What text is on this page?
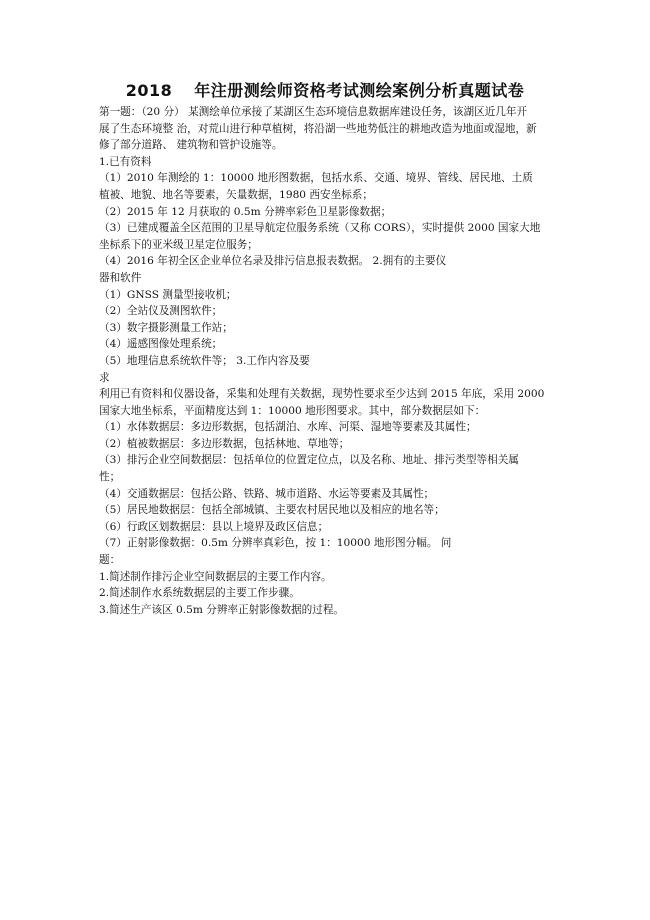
2018 年注册测绘师资格考试测绘案例分析真题试卷
第一题：（20 分） 某测绘单位承接了某湖区生态环境信息数据库建设任务，该湖区近几年开
展了生态环境整 治，对荒山进行种草植树，将沿湖一些地势低注的耕地改造为地面或湿地，新
修了部分道路、 建筑物和管护设施等。
1.已有资料
（1）2010 年测绘的 1：10000 地形图数据，包括水系、交通、境界、管线、居民地、土质
植被、地貌、地名等要素，矢量数据，1980 西安坐标系；
（2）2015 年 12 月获取的 0.5m 分辨率彩色卫星影像数据；
（3）已建成覆盖全区范围的卫星导航定位服务系统（又称 CORS），实时提供 2000 国家大地
坐标系下的亚米级卫星定位服务；
（4）2016 年初全区企业单位名录及排污信息报表数据。 2.拥有的主要仪
器和软件
（1）GNSS 测量型接收机；
（2）全站仪及测图软件；
（3）数字摄影测量工作站；
（4）遥感图像处理系统；
（5）地理信息系统软件等； 3.工作内容及要
求
利用已有资料和仪器设备，采集和处理有关数据，现势性要求至少达到 2015 年底，采用 2000
国家大地坐标系，平面精度达到 1：10000 地形图要求。其中，部分数据层如下：
（1）水体数据层：多边形数据，包括湖泊、水库、河渠、湿地等要素及其属性；
（2）植被数据层：多边形数据，包括林地、草地等；
（3）排污企业空间数据层：包括单位的位置定位点，以及名称、地址、排污类型等相关属
性；
（4）交通数据层：包括公路、铁路、城市道路、水运等要素及其属性；
（5）居民地数据层：包括全部城镇、主要农村居民地以及相应的地名等；
（6）行政区划数据层：县以上境界及政区信息；
（7）正射影像数据：0.5m 分辨率真彩色，按 1：10000 地形图分幅。 问
题：
1.简述制作排污企业空间数据层的主要工作内容。
2.简述制作水系统数据层的主要工作步骤。
3.简述生产该区 0.5m 分辨率正射影像数据的过程。
